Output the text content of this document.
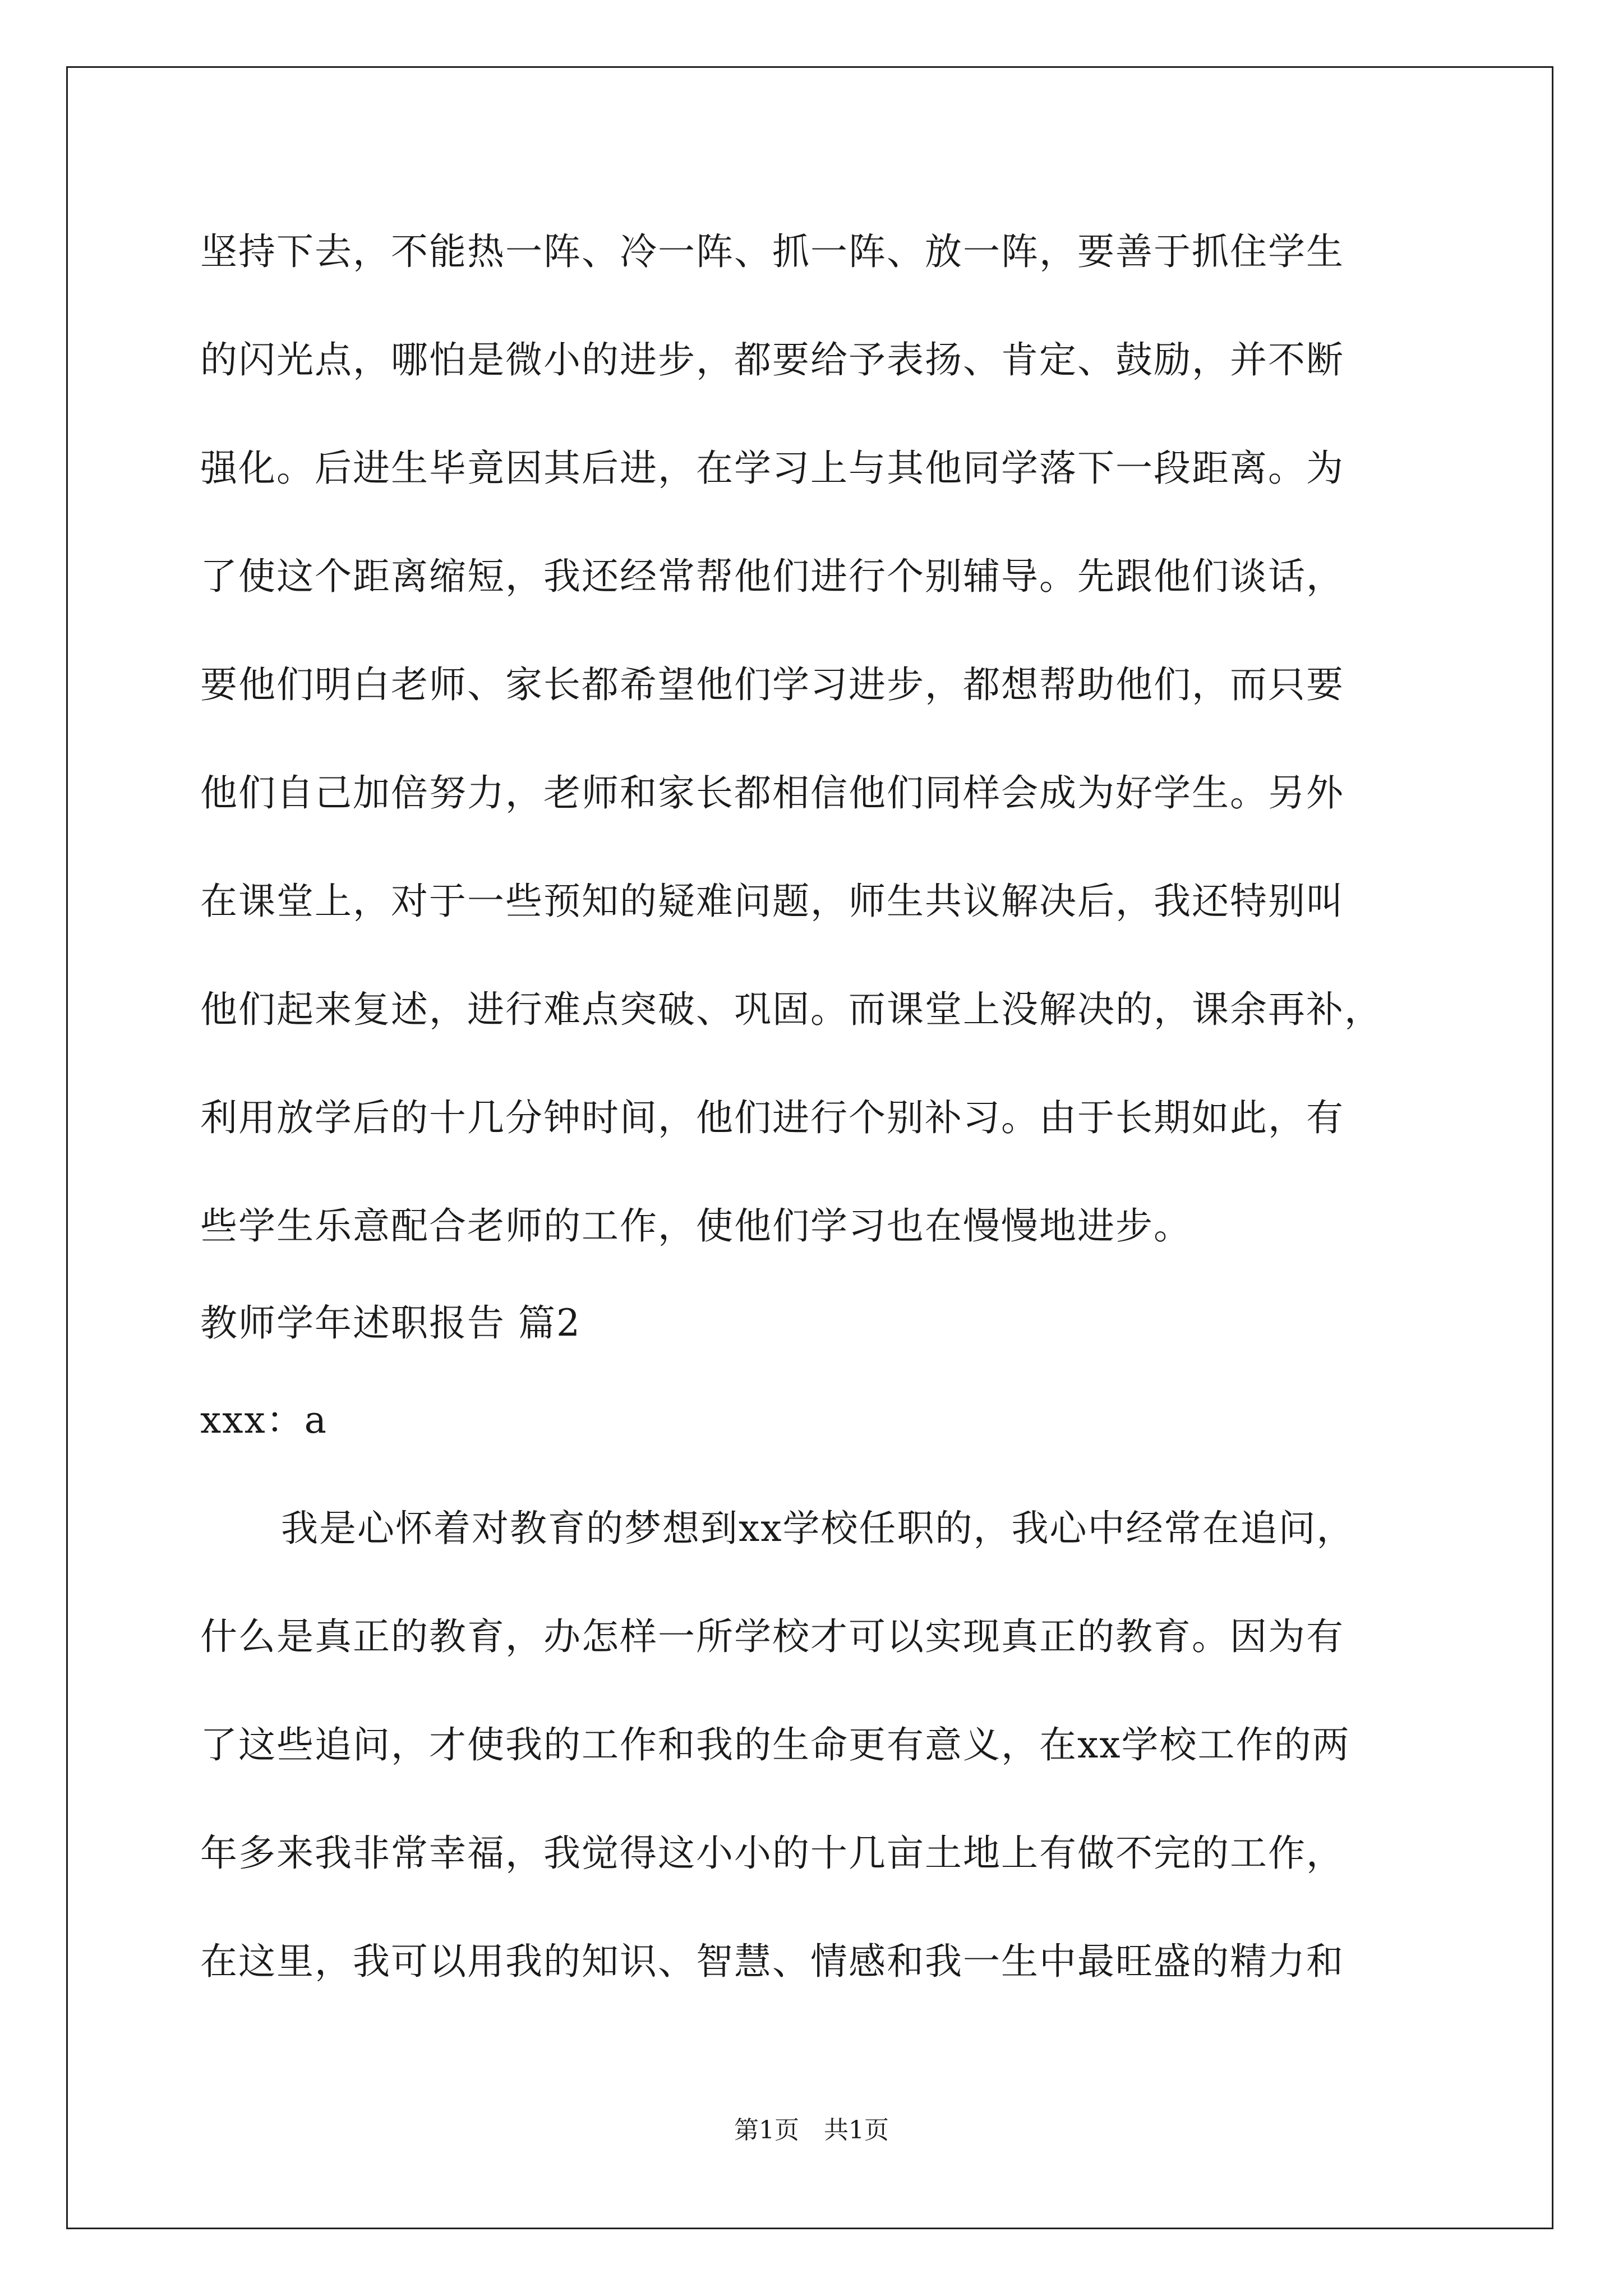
坚持下去，不能热一阵、冷一阵、抓一阵、放一阵，要善于抓住学生
的闪光点，哪怕是微小的进步，都要给予表扬、肯定、鼓励，并不断
强化。后进生毕竟因其后进，在学习上与其他同学落下一段距离。为
了使这个距离缩短，我还经常帮他们进行个别辅导。先跟他们谈话，
要他们明白老师、家长都希望他们学习进步，都想帮助他们，而只要
他们自己加倍努力，老师和家长都相信他们同样会成为好学生。另外
在课堂上，对于一些预知的疑难问题，师生共议解决后，我还特别叫
他们起来复述，进行难点突破、巩固。而课堂上没解决的，课余再补，
利用放学后的十几分钟时间，他们进行个别补习。由于长期如此，有
些学生乐意配合老师的工作，使他们学习也在慢慢地进步。
教师学年述职报告 篇2
xxx：a
我是心怀着对教育的梦想到xx学校任职的，我心中经常在追问，
什么是真正的教育，办怎样一所学校才可以实现真正的教育。因为有
了这些追问，才使我的工作和我的生命更有意义，在xx学校工作的两
年多来我非常幸福，我觉得这小小的十几亩土地上有做不完的工作，
在这里，我可以用我的知识、智慧、情感和我一生中最旺盛的精力和
第1页　共1页
